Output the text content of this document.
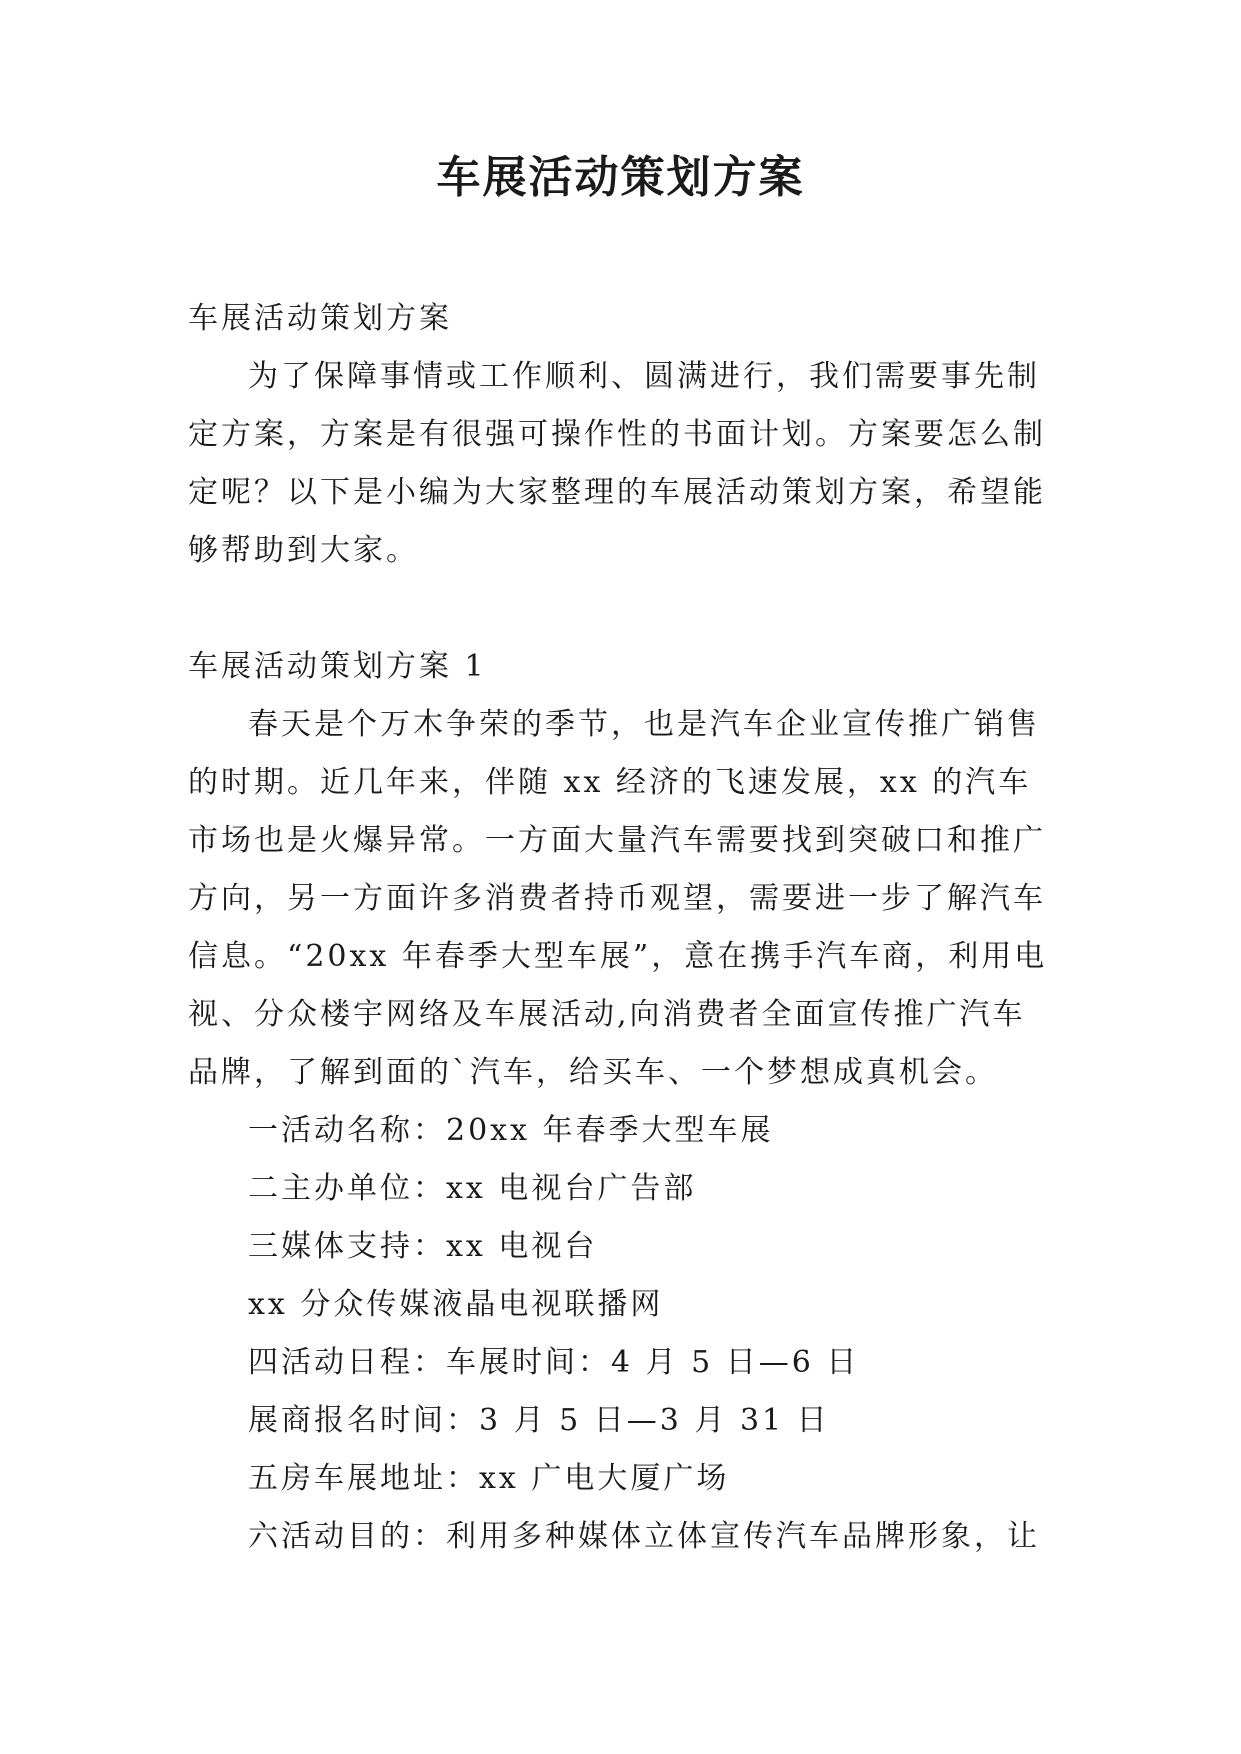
车展活动策划方案

车展活动策划方案

为了保障事情或工作顺利、圆满进行，我们需要事先制定方案，方案是有很强可操作性的书面计划。方案要怎么制定呢？以下是小编为大家整理的车展活动策划方案，希望能够帮助到大家。

车展活动策划方案 1

春天是个万木争荣的季节，也是汽车企业宣传推广销售的时期。近几年来，伴随 xx 经济的飞速发展，xx 的汽车市场也是火爆异常。一方面大量汽车需要找到突破口和推广方向，另一方面许多消费者持币观望，需要进一步了解汽车信息。“20xx 年春季大型车展”，意在携手汽车商，利用电视、分众楼宇网络及车展活动,向消费者全面宣传推广汽车品牌，了解到面的`汽车，给买车、一个梦想成真机会。

一活动名称：20xx 年春季大型车展

二主办单位：xx 电视台广告部

三媒体支持：xx 电视台

xx 分众传媒液晶电视联播网

四活动日程：车展时间：4 月 5 日—6 日

展商报名时间：3 月 5 日—3 月 31 日

五房车展地址：xx 广电大厦广场

六活动目的：利用多种媒体立体宣传汽车品牌形象，让
